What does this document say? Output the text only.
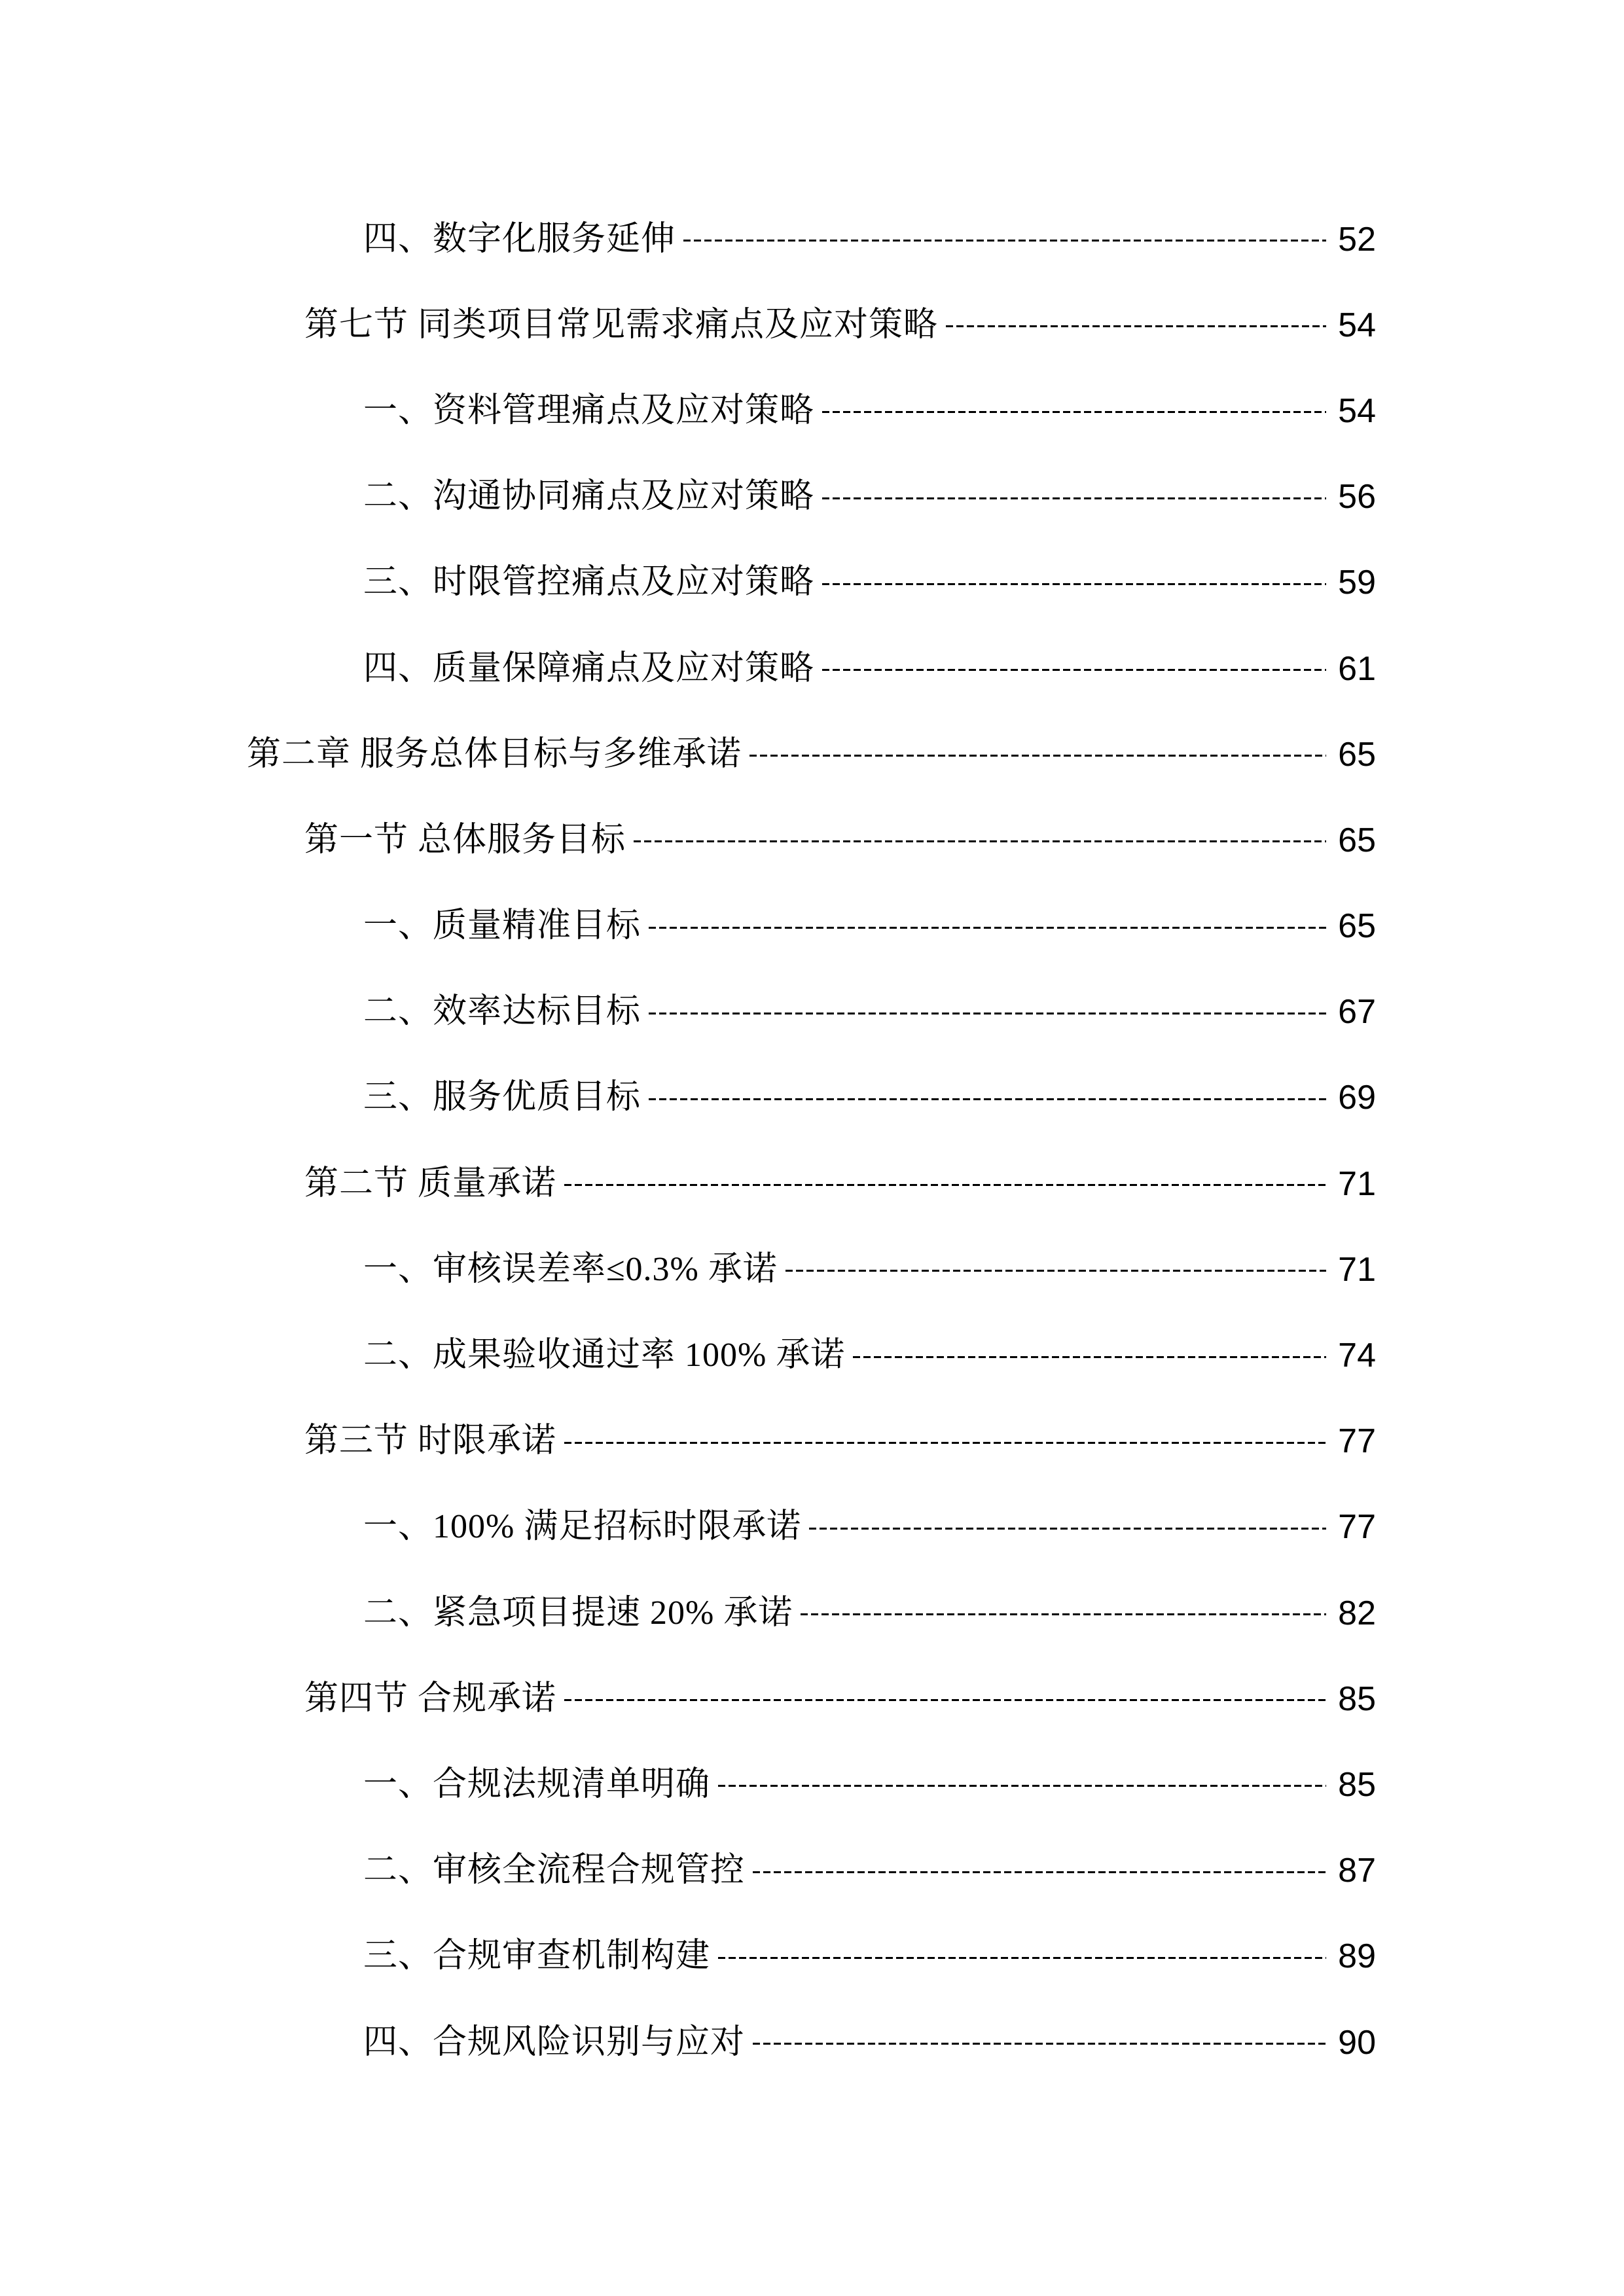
四、数字化服务延伸	52
第七节 同类项目常见需求痛点及应对策略	54
一、资料管理痛点及应对策略	54
二、沟通协同痛点及应对策略	56
三、时限管控痛点及应对策略	59
四、质量保障痛点及应对策略	61
第二章 服务总体目标与多维承诺	65
第一节 总体服务目标	65
一、质量精准目标	65
二、效率达标目标	67
三、服务优质目标	69
第二节 质量承诺	71
一、审核误差率≤0.3% 承诺	71
二、成果验收通过率 100% 承诺	74
第三节 时限承诺	77
一、100% 满足招标时限承诺	77
二、紧急项目提速 20% 承诺	82
第四节 合规承诺	85
一、合规法规清单明确	85
二、审核全流程合规管控	87
三、合规审查机制构建	89
四、合规风险识别与应对	90
